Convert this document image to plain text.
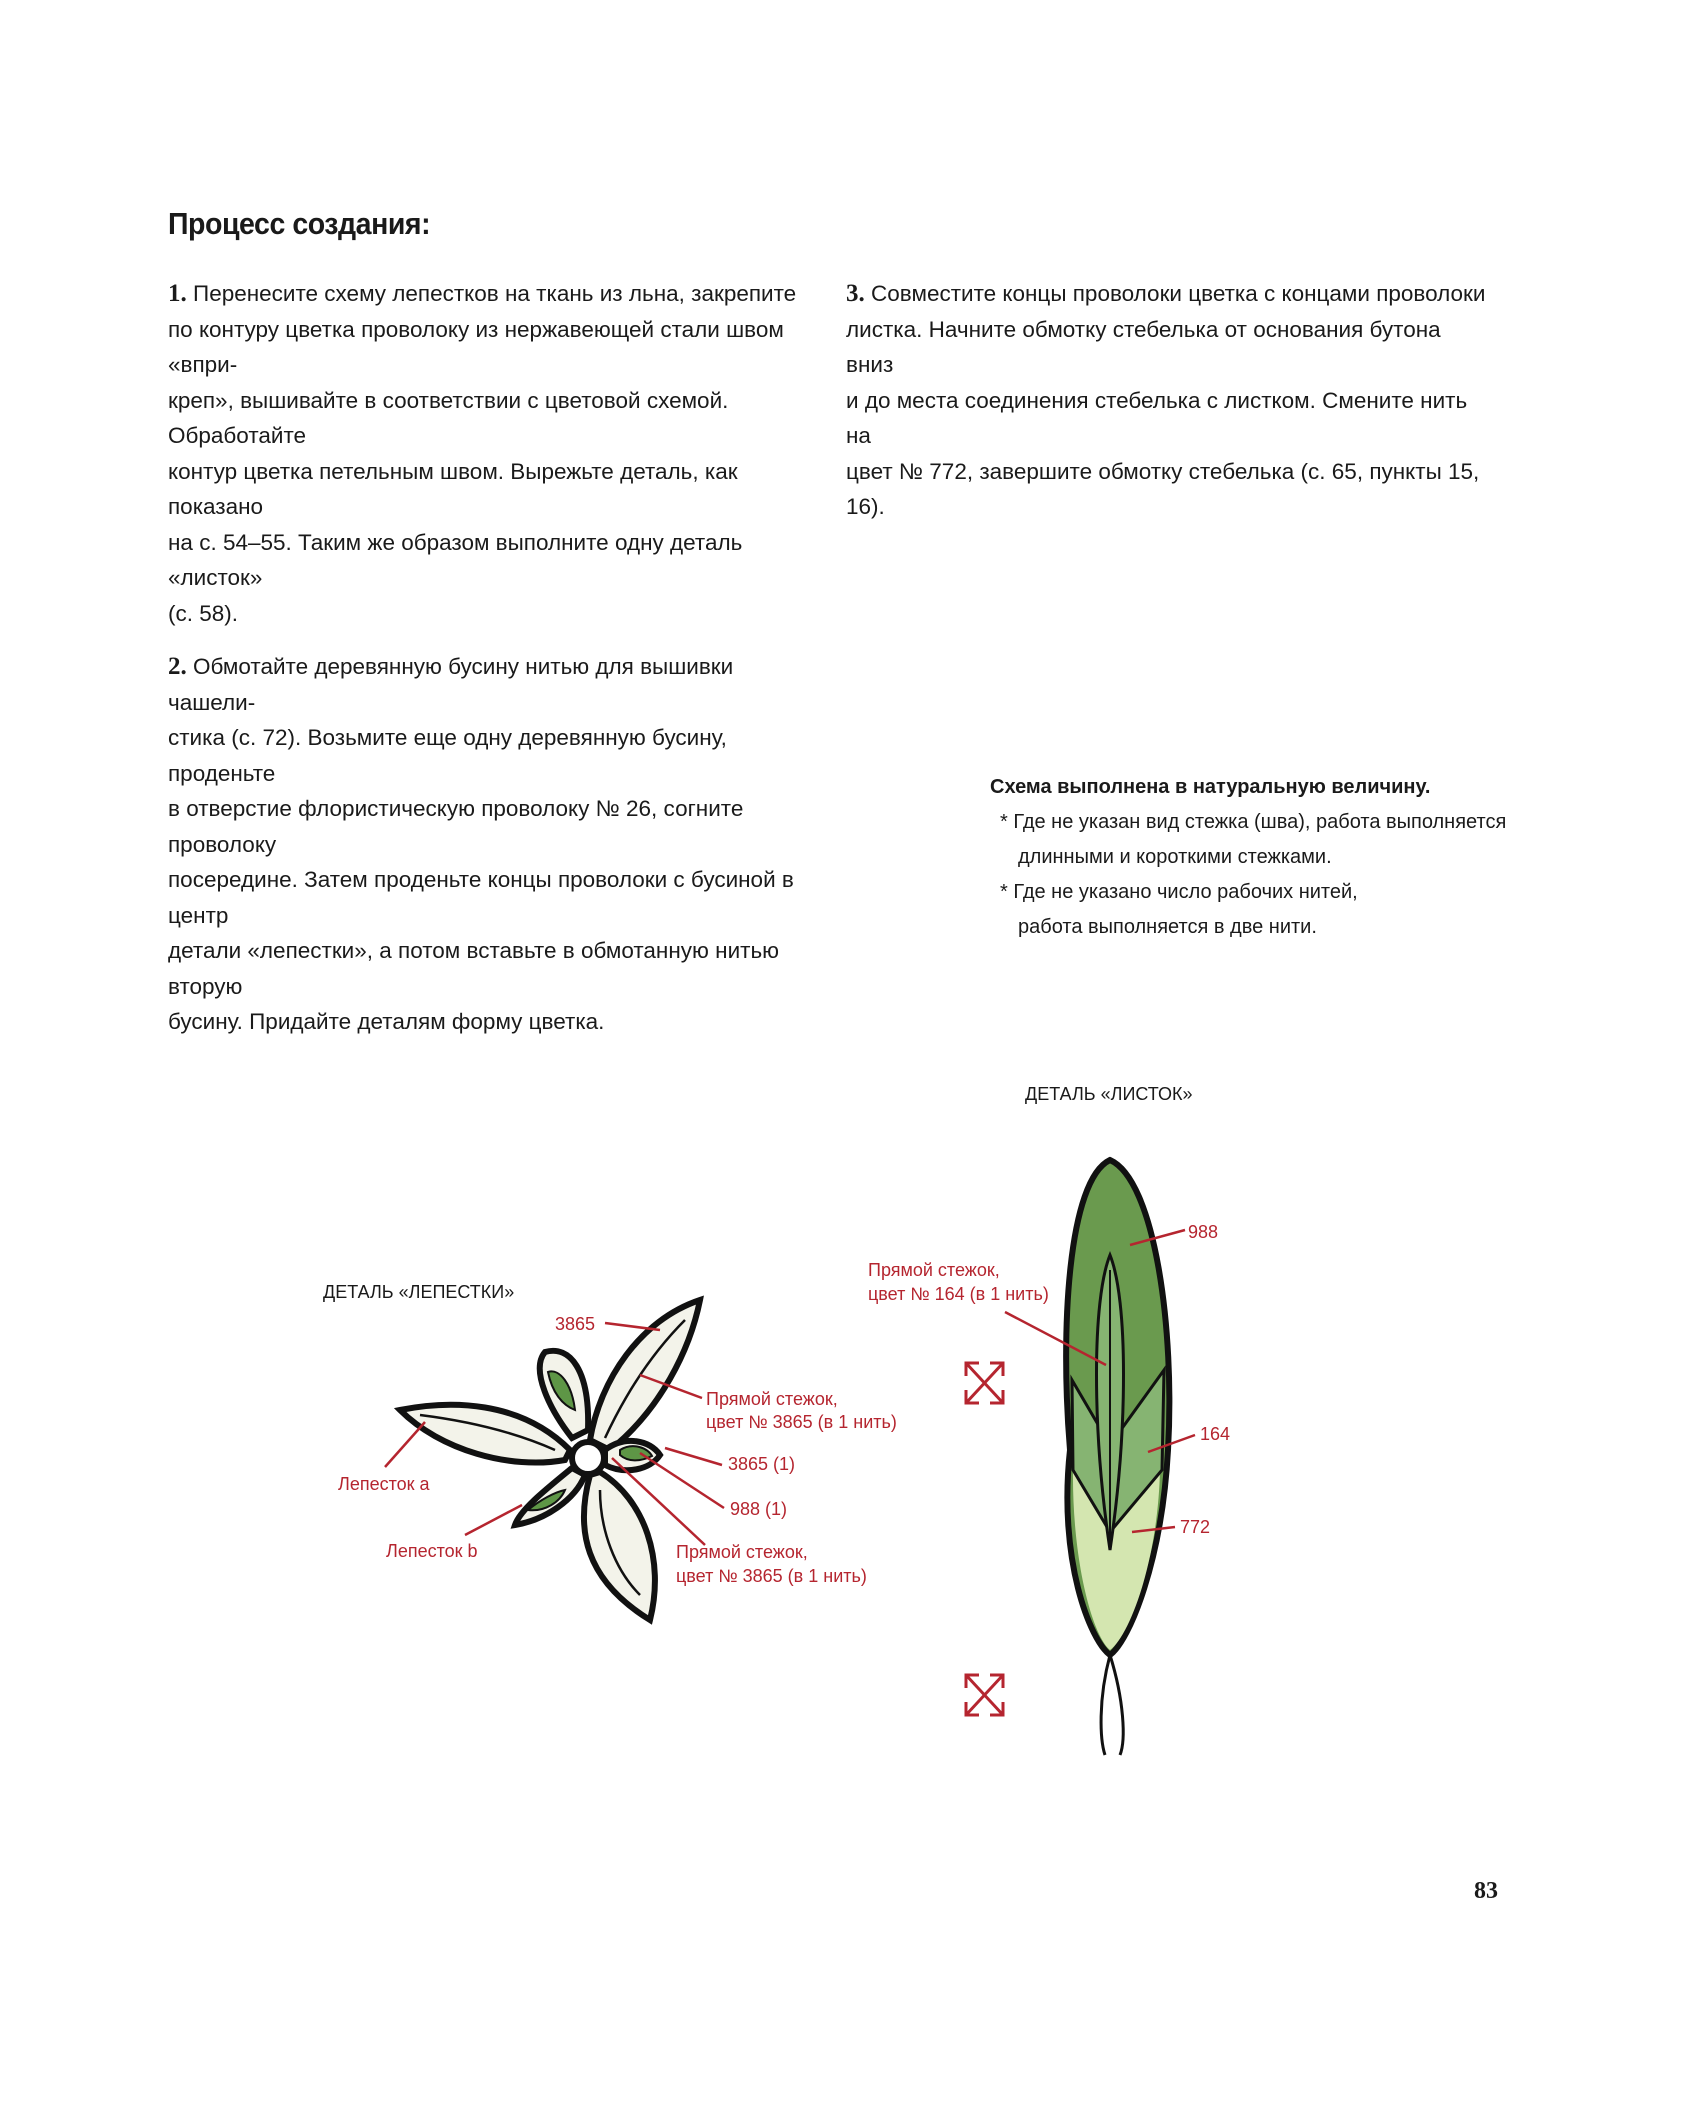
Процесс создания:

1. Перенесите схему лепестков на ткань из льна, закрепите
по контуру цветка проволоку из нержавеющей стали швом «впри-
креп», вышивайте в соответствии с цветовой схемой. Обработайте
контур цветка петельным швом. Вырежьте деталь, как показано
на с. 54–55. Таким же образом выполните одну деталь «листок»
(с. 58).

2. Обмотайте деревянную бусину нитью для вышивки чашели-
стика (с. 72). Возьмите еще одну деревянную бусину, проденьте
в отверстие флористическую проволоку № 26, согните проволоку
посередине. Затем проденьте концы проволоки с бусиной в центр
детали «лепестки», а потом вставьте в обмотанную нитью вторую
бусину. Придайте деталям форму цветка.

3. Совместите концы проволоки цветка с концами проволоки
листка. Начните обмотку стебелька от основания бутона вниз
и до места соединения стебелька с листком. Смените нить на
цвет № 772, завершите обмотку стебелька (с. 65, пункты 15, 16).

Схема выполнена в натуральную величину.
* Где не указан вид стежка (шва), работа выполняется
длинными и короткими стежками.
* Где не указано число рабочих нитей,
работа выполняется в две нити.
ДЕТАЛЬ «ЛИСТОК»
988
Прямой стежок,
цвет № 164 (в 1 нить)
164
772
ДЕТАЛЬ «ЛЕПЕСТКИ»
3865
Прямой стежок,
цвет № 3865 (в 1 нить)
3865 (1)
988 (1)
Прямой стежок,
цвет № 3865 (в 1 нить)
Лепесток a
Лепесток b
83
